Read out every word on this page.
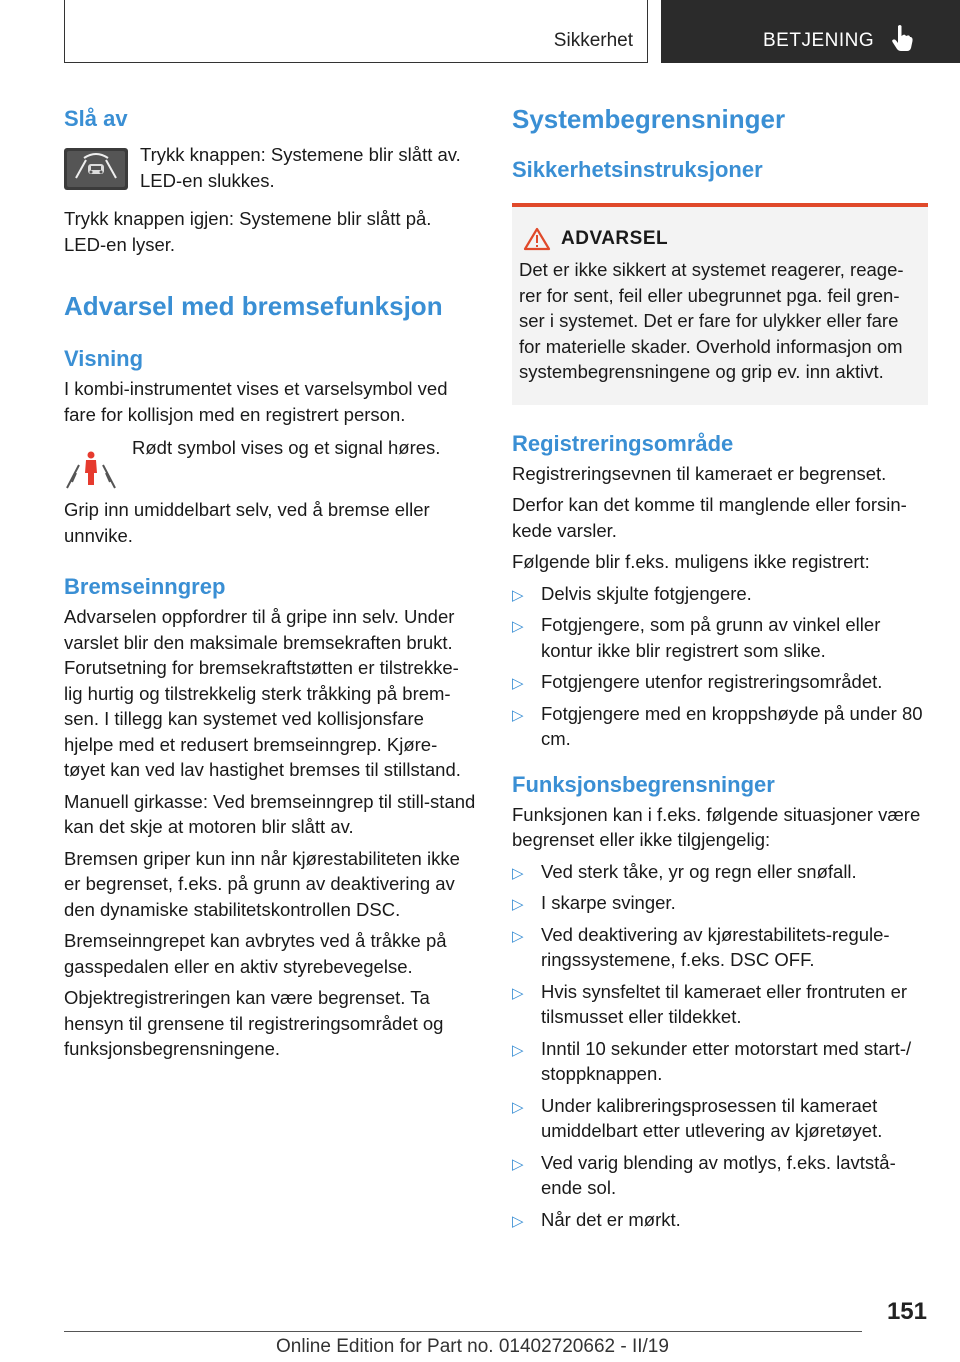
Sikkerhet	BETJENING
Slå av

Trykk knappen: Systemene blir slått av. LED-en slukkes.

Trykk knappen igjen: Systemene blir slått på. LED-en lyser.

Advarsel med bremsefunksjon
Visning

I kombi-instrumentet vises et varselsymbol ved fare for kollisjon med en registrert person.

Rødt symbol vises og et signal høres.

Grip inn umiddelbart selv, ved å bremse eller unnvike.

Bremseinngrep

Advarselen oppfordrer til å gripe inn selv. Under varslet blir den maksimale bremsekraften brukt. Forutsetning for bremsekraftstøtten er tilstrekke-lig hurtig og tilstrekkelig sterk tråkking på brem-sen. I tillegg kan systemet ved kollisjonsfare hjelpe med et redusert bremseinngrep. Kjøre-tøyet kan ved lav hastighet bremses til stillstand.

Manuell girkasse: Ved bremseinngrep til still-stand kan det skje at motoren blir slått av.

Bremsen griper kun inn når kjørestabiliteten ikke er begrenset, f.eks. på grunn av deaktivering av den dynamiske stabilitetskontrollen DSC.

Bremseinngrepet kan avbrytes ved å tråkke på gasspedalen eller en aktiv styrebevegelse.

Objektregistreringen kan være begrenset. Ta hensyn til grensene til registreringsområdet og funksjonsbegrensningene.

Systembegrensninger
Sikkerhetsinstruksjoner
ADVARSEL

Det er ikke sikkert at systemet reagerer, reage-rer for sent, feil eller ubegrunnet pga. feil gren-ser i systemet. Det er fare for ulykker eller fare for materielle skader. Overhold informasjon om systembegrensningene og grip ev. inn aktivt.

Registreringsområde

Registreringsevnen til kameraet er begrenset.

Derfor kan det komme til manglende eller forsin-kede varsler.

Følgende blir f.eks. muligens ikke registrert:

▷ Delvis skjulte fotgjengere.
▷ Fotgjengere, som på grunn av vinkel eller kontur ikke blir registrert som slike.
▷ Fotgjengere utenfor registreringsområdet.
▷ Fotgjengere med en kroppshøyde på under 80 cm.
Funksjonsbegrensninger

Funksjonen kan i f.eks. følgende situasjoner være begrenset eller ikke tilgjengelig:

▷ Ved sterk tåke, yr og regn eller snøfall.
▷ I skarpe svinger.
▷ Ved deaktivering av kjørestabilitets-regule-ringssystemene, f.eks. DSC OFF.
▷ Hvis synsfeltet til kameraet eller frontruten er tilsmusset eller tildekket.
▷ Inntil 10 sekunder etter motorstart med start-/ stoppknappen.
▷ Under kalibreringsprosessen til kameraet umiddelbart etter utlevering av kjøretøyet.
▷ Ved varig blending av motlys, f.eks. lavtstå-ende sol.
▷ Når det er mørkt.
151
Online Edition for Part no. 01402720662 - II/19
